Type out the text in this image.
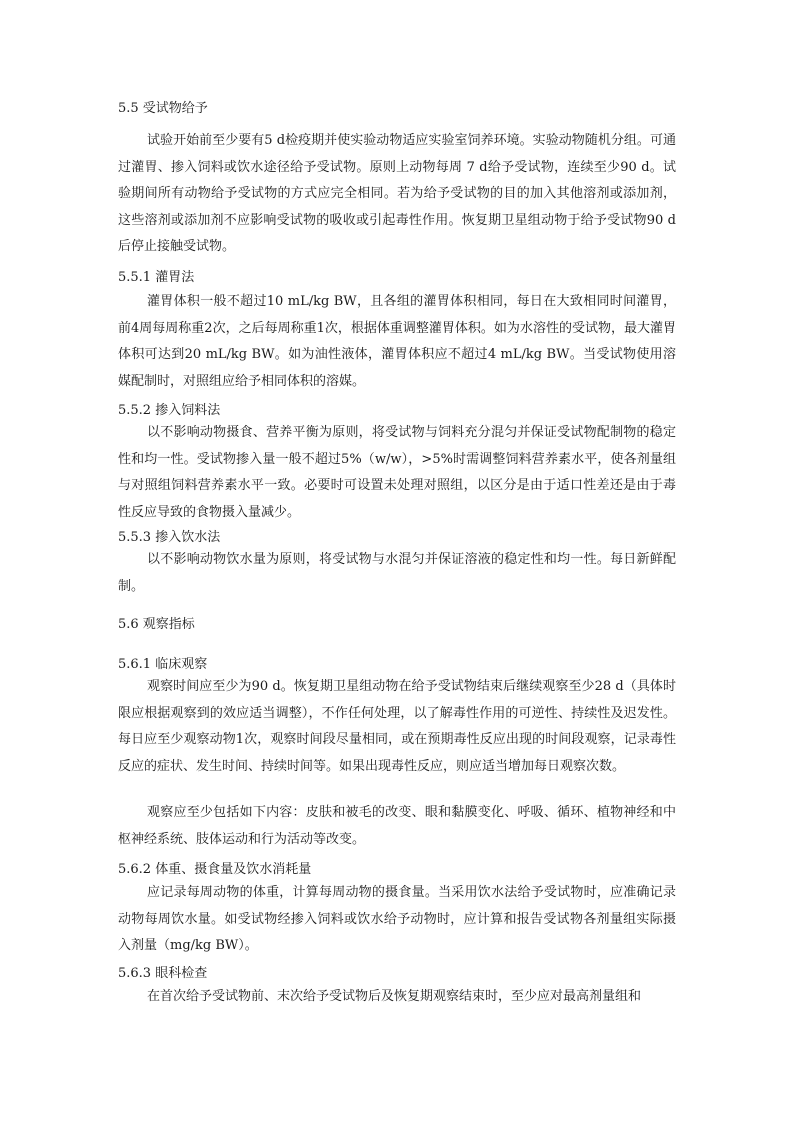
5.5 受试物给予
试验开始前至少要有5 d检疫期并使实验动物适应实验室饲养环境。实验动物随机分组。可通过灌胃、掺入饲料或饮水途径给予受试物。原则上动物每周 7 d给予受试物，连续至少90 d。试验期间所有动物给予受试物的方式应完全相同。若为给予受试物的目的加入其他溶剂或添加剂，这些溶剂或添加剂不应影响受试物的吸收或引起毒性作用。恢复期卫星组动物于给予受试物90 d后停止接触受试物。
5.5.1 灌胃法
灌胃体积一般不超过10 mL/kg BW，且各组的灌胃体积相同，每日在大致相同时间灌胃，前4周每周称重2次，之后每周称重1次，根据体重调整灌胃体积。如为水溶性的受试物，最大灌胃体积可达到20 mL/kg BW。如为油性液体，灌胃体积应不超过4 mL/kg BW。当受试物使用溶媒配制时，对照组应给予相同体积的溶媒。
5.5.2 掺入饲料法
以不影响动物摄食、营养平衡为原则，将受试物与饲料充分混匀并保证受试物配制物的稳定性和均一性。受试物掺入量一般不超过5%（w/w），>5%时需调整饲料营养素水平，使各剂量组与对照组饲料营养素水平一致。必要时可设置未处理对照组，以区分是由于适口性差还是由于毒性反应导致的食物摄入量减少。
5.5.3 掺入饮水法
以不影响动物饮水量为原则，将受试物与水混匀并保证溶液的稳定性和均一性。每日新鲜配制。
5.6 观察指标
5.6.1 临床观察
观察时间应至少为90 d。恢复期卫星组动物在给予受试物结束后继续观察至少28 d（具体时限应根据观察到的效应适当调整），不作任何处理，以了解毒性作用的可逆性、持续性及迟发性。每日应至少观察动物1次，观察时间段尽量相同，或在预期毒性反应出现的时间段观察，记录毒性反应的症状、发生时间、持续时间等。如果出现毒性反应，则应适当增加每日观察次数。
观察应至少包括如下内容：皮肤和被毛的改变、眼和黏膜变化、呼吸、循环、植物神经和中枢神经系统、肢体运动和行为活动等改变。
5.6.2 体重、摄食量及饮水消耗量
应记录每周动物的体重，计算每周动物的摄食量。当采用饮水法给予受试物时，应准确记录动物每周饮水量。如受试物经掺入饲料或饮水给予动物时，应计算和报告受试物各剂量组实际摄入剂量（mg/kg BW）。
5.6.3 眼科检查
在首次给予受试物前、末次给予受试物后及恢复期观察结束时，至少应对最高剂量组和
